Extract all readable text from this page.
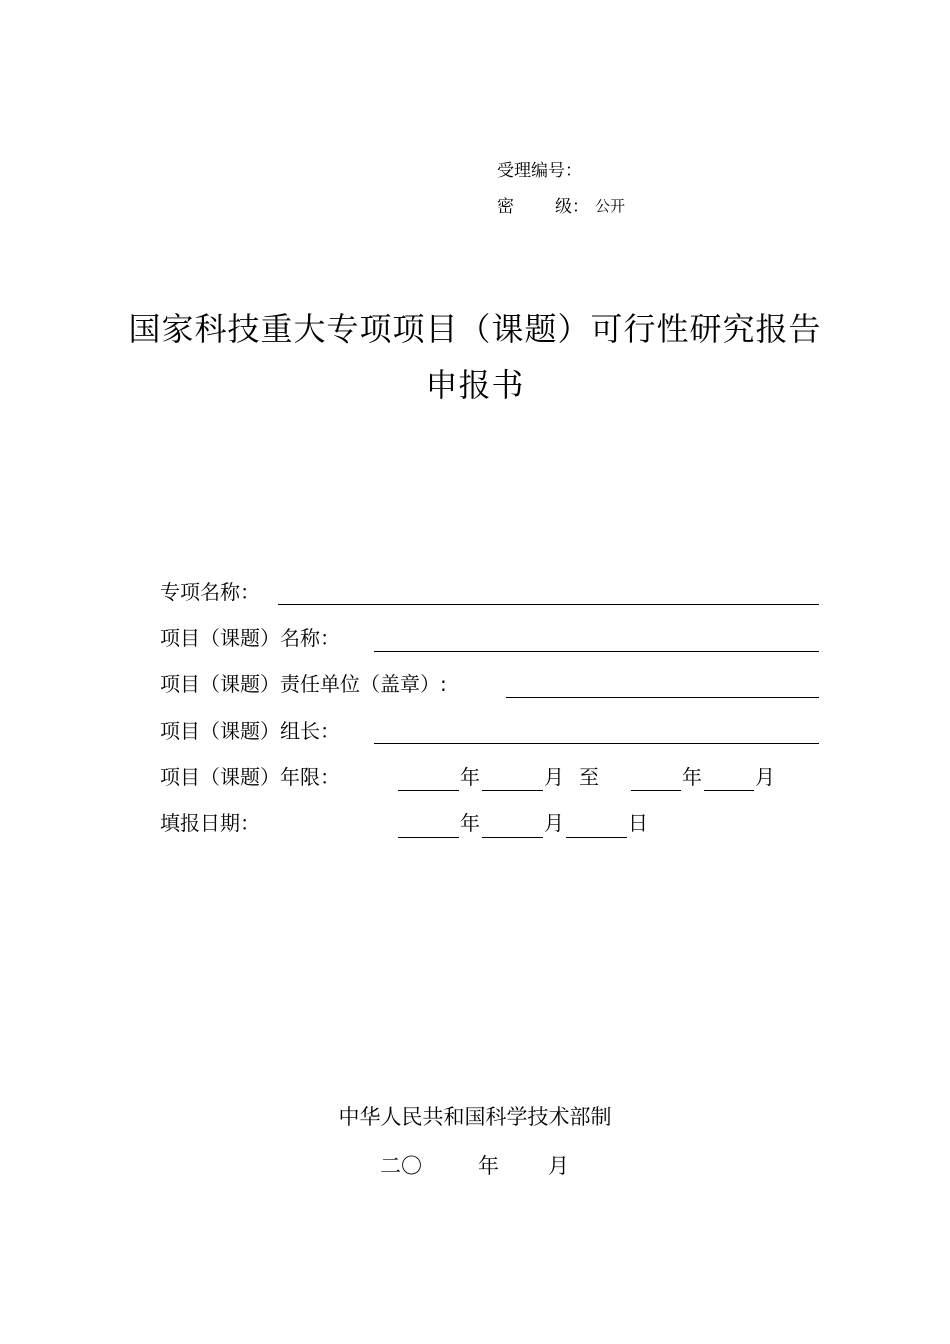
受理编号：
密 级： 公开
国家科技重大专项项目（课题）可行性研究报告
申报书
专项名称：
项目（课题）名称：
项目（课题）责任单位（盖章）:
项目（课题）组长：
项目（课题）年限：	年	月 至	年	月
填报日期：	年	月	日
中华人民共和国科学技术部制
二〇	年 月
